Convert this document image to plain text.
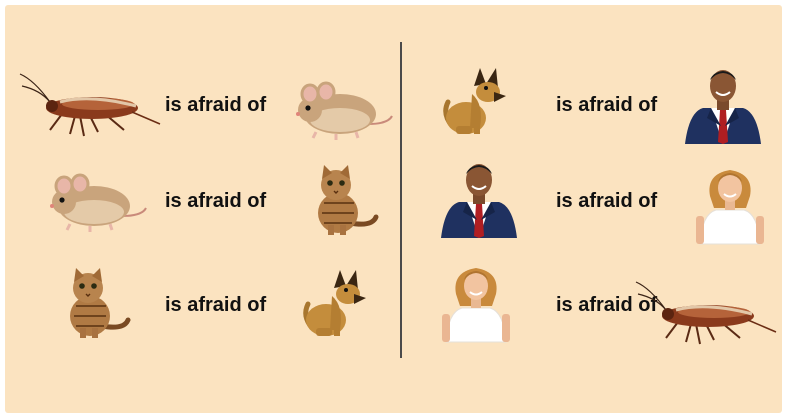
is afraid of
is afraid of
is afraid of
is afraid of
is afraid of
is afraid of
